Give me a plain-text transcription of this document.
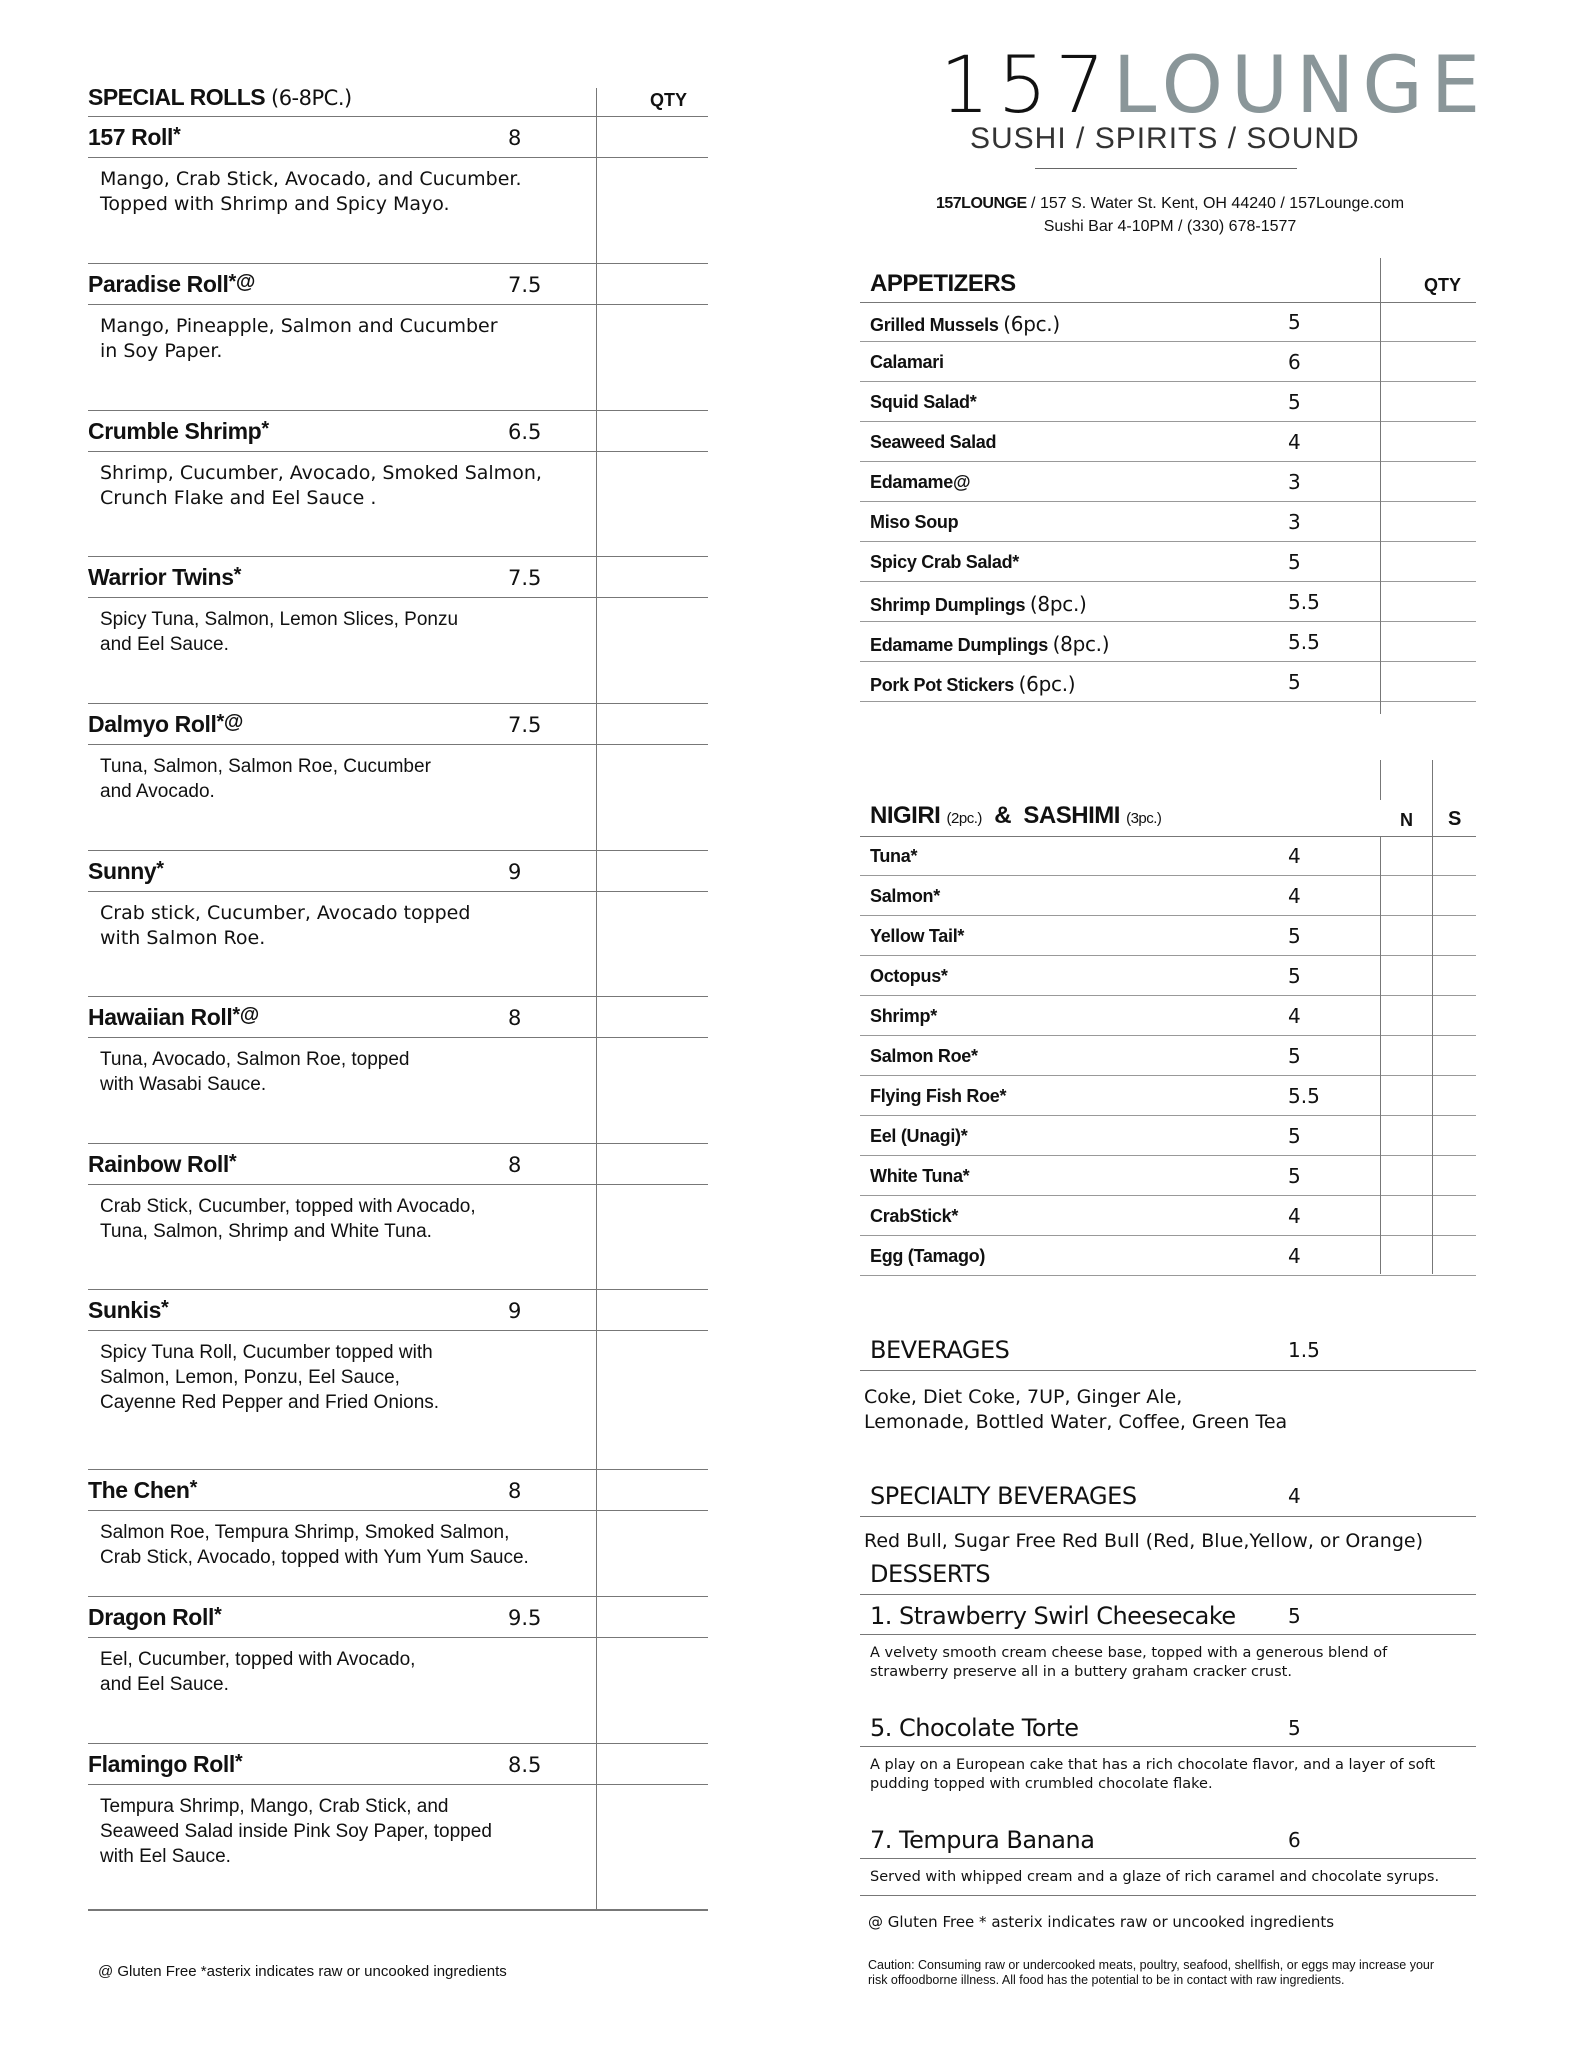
SPECIAL ROLLS (6-8PC.)	QTY
157 Roll*	8
Mango, Crab Stick, Avocado, and Cucumber.
Topped with Shrimp and Spicy Mayo.
Paradise Roll*@	7.5
Mango, Pineapple, Salmon and Cucumber
in Soy Paper.
Crumble Shrimp*	6.5
Shrimp, Cucumber, Avocado, Smoked Salmon,
Crunch Flake and Eel Sauce .
Warrior Twins*	7.5
Spicy Tuna, Salmon, Lemon Slices, Ponzu
and Eel Sauce.
Dalmyo Roll*@	7.5
Tuna, Salmon, Salmon Roe, Cucumber
and Avocado.
Sunny*	9
Crab stick, Cucumber, Avocado topped
with Salmon Roe.
Hawaiian Roll*@	8
Tuna, Avocado, Salmon Roe, topped
with Wasabi Sauce.
Rainbow Roll*	8
Crab Stick, Cucumber, topped with Avocado,
Tuna, Salmon, Shrimp and White Tuna.
Sunkis*	9
Spicy Tuna Roll, Cucumber topped with
Salmon, Lemon, Ponzu, Eel Sauce,
Cayenne Red Pepper and Fried Onions.
The Chen*	8
Salmon Roe, Tempura Shrimp, Smoked Salmon,
Crab Stick, Avocado, topped with Yum Yum Sauce.
Dragon Roll*	9.5
Eel, Cucumber, topped with Avocado,
and Eel Sauce.
Flamingo Roll*	8.5
Tempura Shrimp, Mango, Crab Stick, and
Seaweed Salad inside Pink Soy Paper, topped
with Eel Sauce.
@ Gluten Free *asterix indicates raw or uncooked ingredients
157LOUNGE
SUSHI / SPIRITS / SOUND
157LOUNGE / 157 S. Water St. Kent, OH 44240 / 157Lounge.com
Sushi Bar 4-10PM / (330) 678-1577
APPETIZERS	QTY
Grilled Mussels (6pc.)	5
Calamari	6
Squid Salad*	5
Seaweed Salad	4
Edamame@	3
Miso Soup	3
Spicy Crab Salad*	5
Shrimp Dumplings (8pc.)	5.5
Edamame Dumplings (8pc.)	5.5
Pork Pot Stickers (6pc.)	5
NIGIRI (2pc.) & SASHIMI (3pc.)	N S
Tuna*	4
Salmon*	4
Yellow Tail*	5
Octopus*	5
Shrimp*	4
Salmon Roe*	5
Flying Fish Roe*	5.5
Eel (Unagi)*	5
White Tuna*	5
CrabStick*	4
Egg (Tamago)	4
BEVERAGES	1.5
Coke, Diet Coke, 7UP, Ginger Ale,
Lemonade, Bottled Water, Coffee, Green Tea
SPECIALTY BEVERAGES	4
Red Bull, Sugar Free Red Bull (Red, Blue,Yellow, or Orange)
DESSERTS
1. Strawberry Swirl Cheesecake	5
A velvety smooth cream cheese base, topped with a generous blend of
strawberry preserve all in a buttery graham cracker crust.
5. Chocolate Torte	5
A play on a European cake that has a rich chocolate flavor, and a layer of soft
pudding topped with crumbled chocolate flake.
7. Tempura Banana	6
Served with whipped cream and a glaze of rich caramel and chocolate syrups.
@ Gluten Free * asterix indicates raw or uncooked ingredients
Caution: Consuming raw or undercooked meats, poultry, seafood, shellfish, or eggs may increase your
risk offoodborne illness. All food has the potential to be in contact with raw ingredients.
